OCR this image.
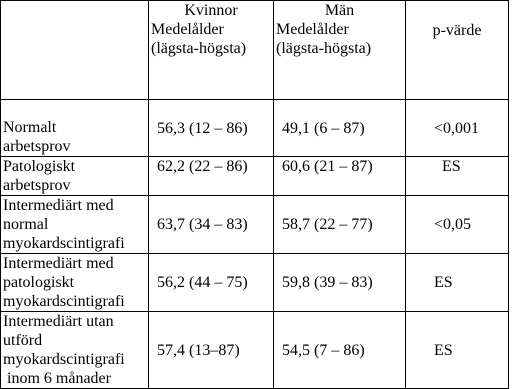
	Kvinnor
Medelålder
(lägsta-högsta)	Män
Medelålder
(lägsta-högsta)	p-värde

Normalt
arbetsprov	56,3 (12 – 86)	49,1 (6 – 87)	<0,001

Patologiskt
arbetsprov	62,2 (22 – 86)	60,6 (21 – 87)	ES

Intermediärt med
normal
myokardscintigrafi	63,7 (34 – 83)	58,7 (22 – 77)	<0,05

Intermediärt med
patologiskt
myokardscintigrafi	56,2 (44 – 75)	59,8 (39 – 83)	ES

Intermediärt utan
utförd
myokardscintigrafi
inom 6 månader	57,4 (13–87)	54,5 (7 – 86)	ES
